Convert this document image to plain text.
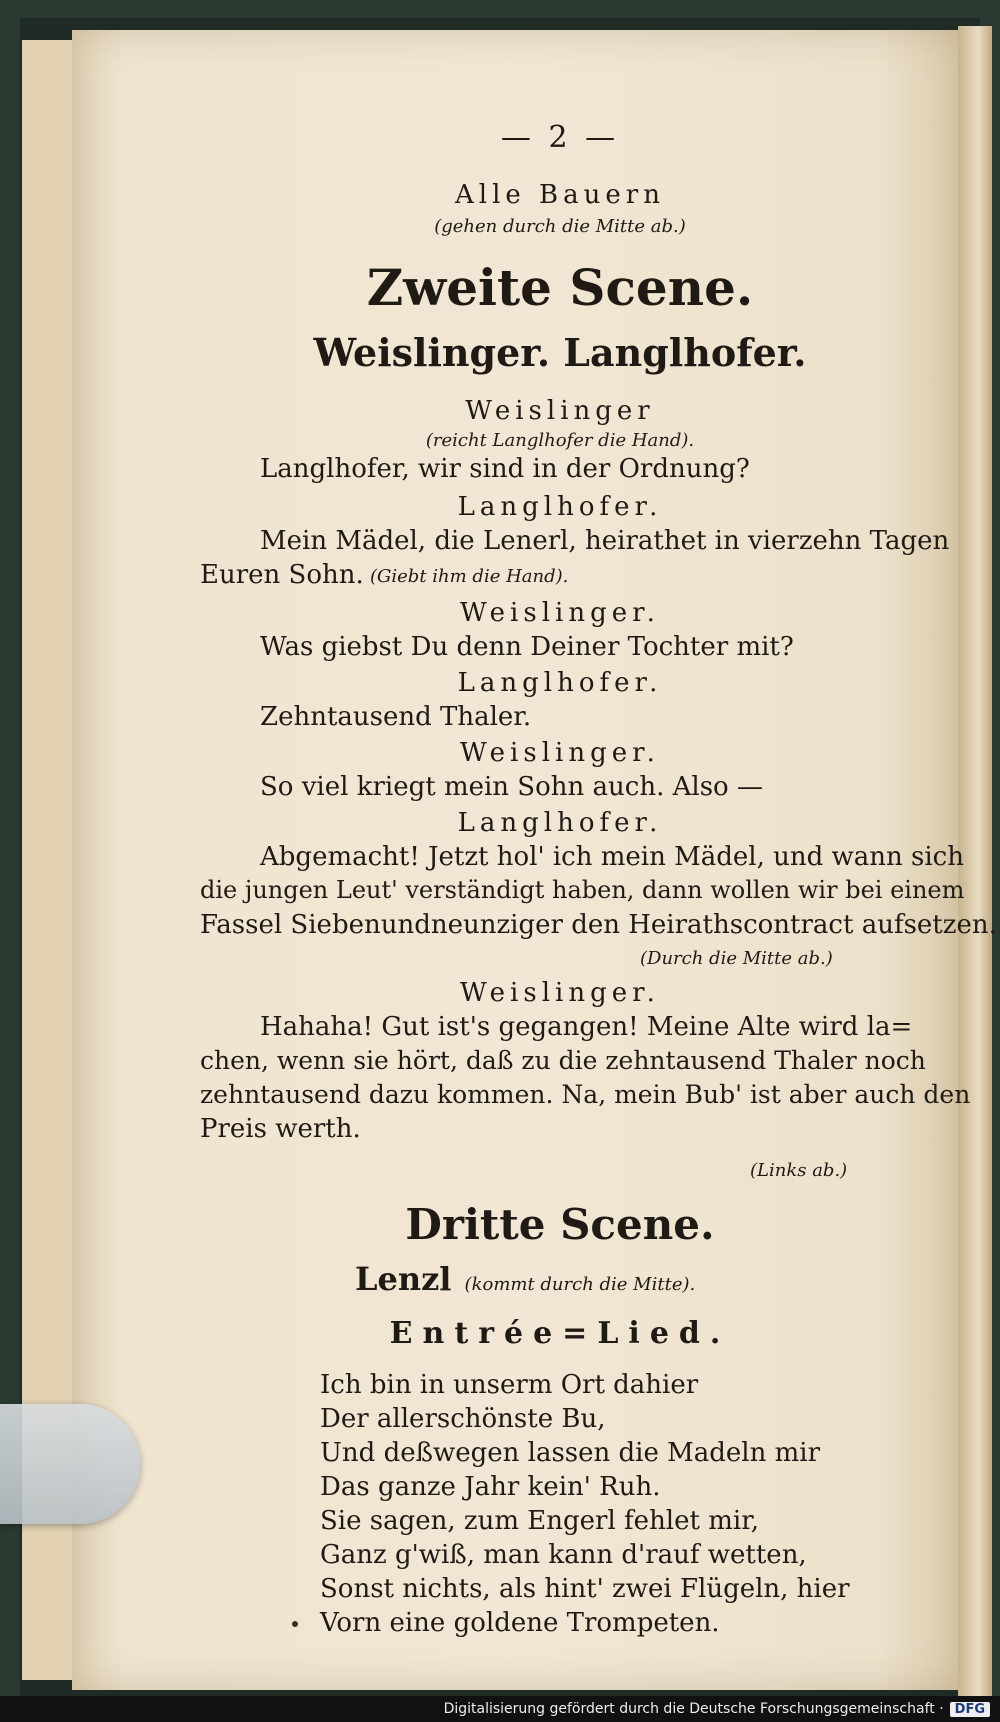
— 2 —
Alle Bauern
(gehen durch die Mitte ab.)
Zweite Scene.
Weislinger. Langlhofer.
Weislinger
(reicht Langlhofer die Hand).
Langlhofer, wir sind in der Ordnung?
Langlhofer.
Mein Mädel, die Lenerl, heirathet in vierzehn Tagen
Euren Sohn. (Giebt ihm die Hand).
Weislinger.
Was giebst Du denn Deiner Tochter mit?
Langlhofer.
Zehntausend Thaler.
Weislinger.
So viel kriegt mein Sohn auch. Also —
Langlhofer.
Abgemacht! Jetzt hol' ich mein Mädel, und wann sich
die jungen Leut' verständigt haben, dann wollen wir bei einem
Fassel Siebenundneunziger den Heirathscontract aufsetzen.
(Durch die Mitte ab.)
Weislinger.
Hahaha! Gut ist's gegangen! Meine Alte wird la=
chen, wenn sie hört, daß zu die zehntausend Thaler noch
zehntausend dazu kommen. Na, mein Bub' ist aber auch den
Preis werth.
(Links ab.)
Dritte Scene.
Lenzl (kommt durch die Mitte).
Entrée=Lied.
Ich bin in unserm Ort dahier
Der allerschönste Bu,
Und deßwegen lassen die Madeln mir
Das ganze Jahr kein' Ruh.
Sie sagen, zum Engerl fehlet mir,
Ganz g'wiß, man kann d'rauf wetten,
Sonst nichts, als hint' zwei Flügeln, hier
Vorn eine goldene Trompeten.
Digitalisierung gefördert durch die Deutsche Forschungsgemeinschaft · DFG
